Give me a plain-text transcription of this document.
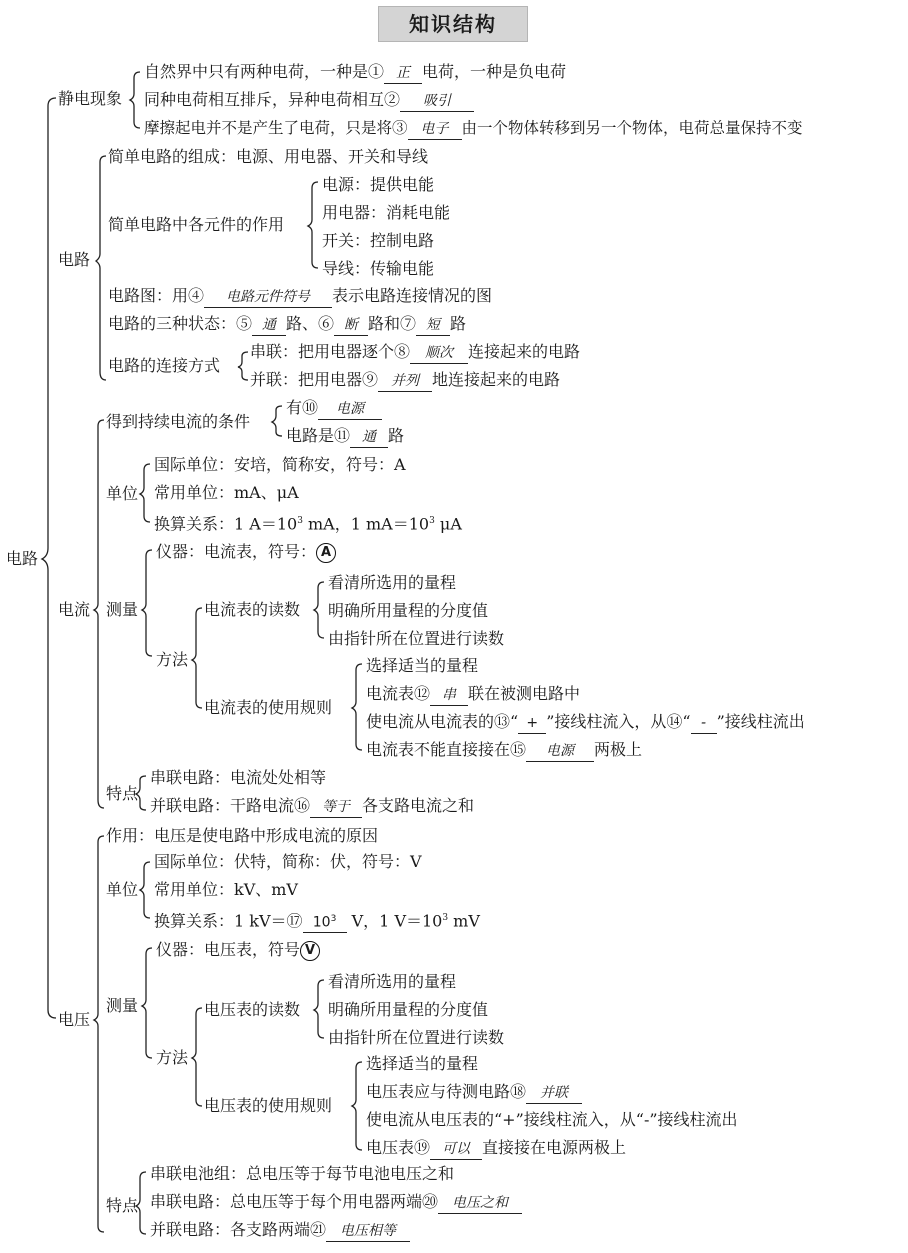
知识结构
电路
静电现象
自然界中只有两种电荷，一种是① 正 电荷，一种是负电荷
同种电荷相互排斥，异种电荷相互② 吸引
摩擦起电并不是产生了电荷，只是将③ 电子 由一个物体转移到另一个物体，电荷总量保持不变
电路
简单电路的组成：电源、用电器、开关和导线
简单电路中各元件的作用
电源：提供电能
用电器：消耗电能
开关：控制电路
导线：传输电能
电路图：用④ 电路元件符号 表示电路连接情况的图
电路的三种状态：⑤ 通 路、⑥ 断 路和⑦ 短 路
电路的连接方式
串联：把用电器逐个⑧ 顺次 连接起来的电路
并联：把用电器⑨ 并列 地连接起来的电路
电流
得到持续电流的条件
有⑩ 电源
电路是⑪ 通 路
单位
国际单位：安培，简称安，符号：A
常用单位：mA、μA
换算关系：1 $A=10^3$ mA，1 $mA=10^3$ μA
测量
仪器：电流表，符号： A
方法
电流表的读数
看清所选用的量程
明确所用量程的分度值
由指针所在位置进行读数
电流表的使用规则
选择适当的量程
电流表⑫ 串 联在被测电路中
使电流从电流表的⑬“ + ”接线柱流入，从⑭“ - ”接线柱流出
电流表不能直接接在⑮ 电源 两极上
特点
串联电路：电流处处相等
并联电路：干路电流⑯ 等于 各支路电流之和
电压
作用：电压是使电路中形成电流的原因
单位
国际单位：伏特，简称：伏，符号：V
常用单位：kV、mV
换算关系：1 kV＝⑰ $10^3$ V，1 $V=10^3$ mV
测量
仪器：电压表，符号 V
方法
电压表的读数
看清所选用的量程
明确所用量程的分度值
由指针所在位置进行读数
电压表的使用规则
选择适当的量程
电压表应与待测电路⑱ 并联
使电流从电压表的“+”接线柱流入，从“-”接线柱流出
电压表⑲ 可以 直接接在电源两极上
特点
串联电池组：总电压等于每节电池电压之和
串联电路：总电压等于每个用电器两端⑳ 电压之和
并联电路：各支路两端㉑ 电压相等
